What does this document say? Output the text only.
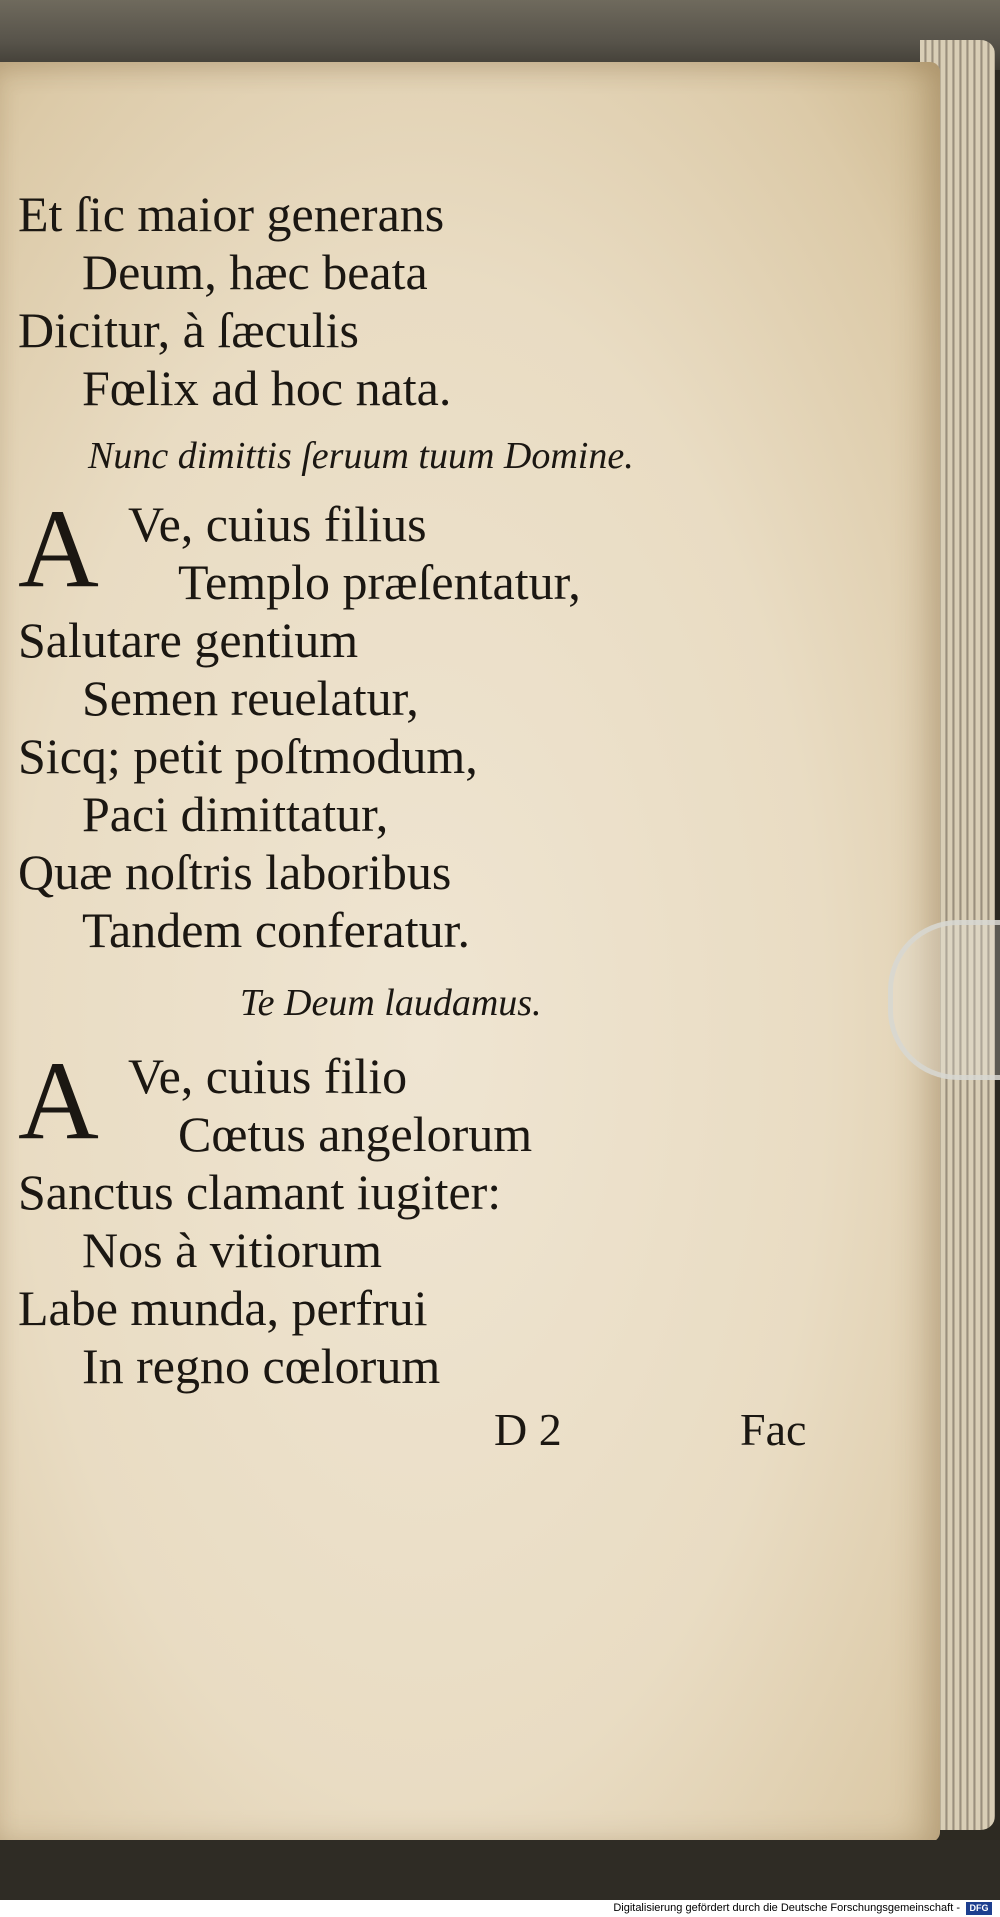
Et ſic maior generans
Deum, hæc beata
Dicitur, à ſæculis
Fœlix ad hoc nata.
Nunc dimittis ſeruum tuum Domine.
A Ve, cuius filius
Templo præſentatur,
Salutare gentium
Semen reuelatur,
Sicq; petit poſtmodum,
Paci dimittatur,
Quæ noſtris laboribus
Tandem conferatur.
Te Deum laudamus.
A Ve, cuius filio
Cœtus angelorum
Sanctus clamant iugiter:
Nos à vitiorum
Labe munda, perfrui
In regno cœlorum
D 2	Fac
Digitalisierung gefördert durch die Deutsche Forschungsgemeinschaft -	DFG
